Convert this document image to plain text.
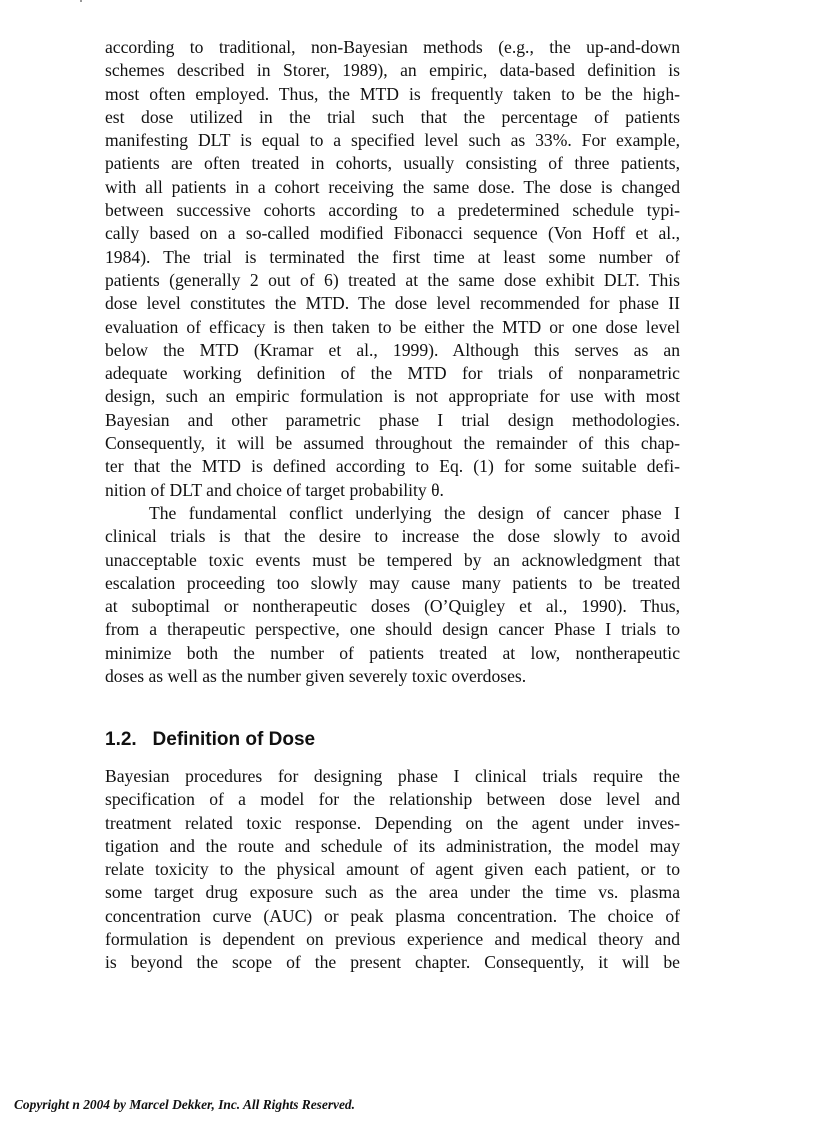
according to traditional, non-Bayesian methods (e.g., the up-and-down
schemes described in Storer, 1989), an empiric, data-based definition is
most often employed. Thus, the MTD is frequently taken to be the high-
est dose utilized in the trial such that the percentage of patients
manifesting DLT is equal to a specified level such as 33%. For example,
patients are often treated in cohorts, usually consisting of three patients,
with all patients in a cohort receiving the same dose. The dose is changed
between successive cohorts according to a predetermined schedule typi-
cally based on a so-called modified Fibonacci sequence (Von Hoff et al.,
1984). The trial is terminated the first time at least some number of
patients (generally 2 out of 6) treated at the same dose exhibit DLT. This
dose level constitutes the MTD. The dose level recommended for phase II
evaluation of efficacy is then taken to be either the MTD or one dose level
below the MTD (Kramar et al., 1999). Although this serves as an
adequate working definition of the MTD for trials of nonparametric
design, such an empiric formulation is not appropriate for use with most
Bayesian and other parametric phase I trial design methodologies.
Consequently, it will be assumed throughout the remainder of this chap-
ter that the MTD is defined according to Eq. (1) for some suitable defi-
nition of DLT and choice of target probability θ.

The fundamental conflict underlying the design of cancer phase I
clinical trials is that the desire to increase the dose slowly to avoid
unacceptable toxic events must be tempered by an acknowledgment that
escalation proceeding too slowly may cause many patients to be treated
at suboptimal or nontherapeutic doses (O’Quigley et al., 1990). Thus,
from a therapeutic perspective, one should design cancer Phase I trials to
minimize both the number of patients treated at low, nontherapeutic
doses as well as the number given severely toxic overdoses.

1.2.   Definition of Dose

Bayesian procedures for designing phase I clinical trials require the
specification of a model for the relationship between dose level and
treatment related toxic response. Depending on the agent under inves-
tigation and the route and schedule of its administration, the model may
relate toxicity to the physical amount of agent given each patient, or to
some target drug exposure such as the area under the time vs. plasma
concentration curve (AUC) or peak plasma concentration. The choice of
formulation is dependent on previous experience and medical theory and
is beyond the scope of the present chapter. Consequently, it will be

Copyright n 2004 by Marcel Dekker, Inc. All Rights Reserved.
